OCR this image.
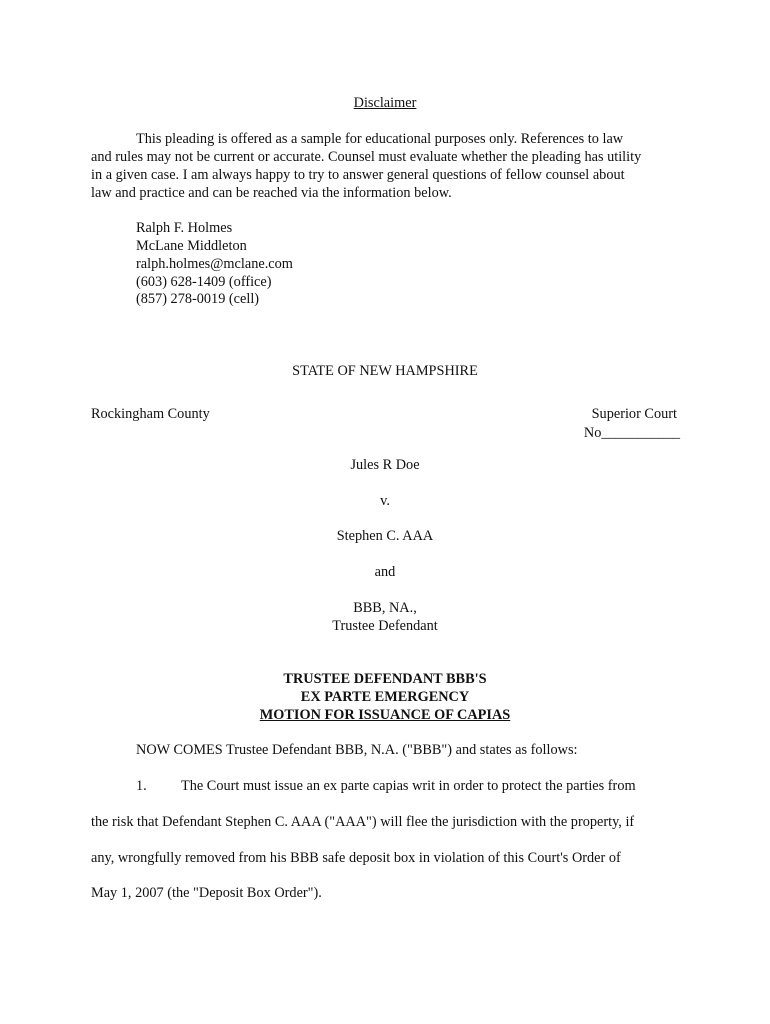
Disclaimer
This pleading is offered as a sample for educational purposes only. References to law
and rules may not be current or accurate. Counsel must evaluate whether the pleading has utility
in a given case. I am always happy to try to answer general questions of fellow counsel about
law and practice and can be reached via the information below.
Ralph F. Holmes
McLane Middleton
ralph.holmes@mclane.com
(603) 628-1409 (office)
(857) 278-0019 (cell)
STATE OF NEW HAMPSHIRE
Rockingham County	Superior Court
No___________
Jules R Doe
v.
Stephen C. AAA
and
BBB, NA.,
Trustee Defendant
TRUSTEE DEFENDANT BBB'S
EX PARTE EMERGENCY
MOTION FOR ISSUANCE OF CAPIAS
NOW COMES Trustee Defendant BBB, N.A. ("BBB") and states as follows:
1. The Court must issue an ex parte capias writ in order to protect the parties from
the risk that Defendant Stephen C. AAA ("AAA") will flee the jurisdiction with the property, if
any, wrongfully removed from his BBB safe deposit box in violation of this Court's Order of
May 1, 2007 (the "Deposit Box Order").
